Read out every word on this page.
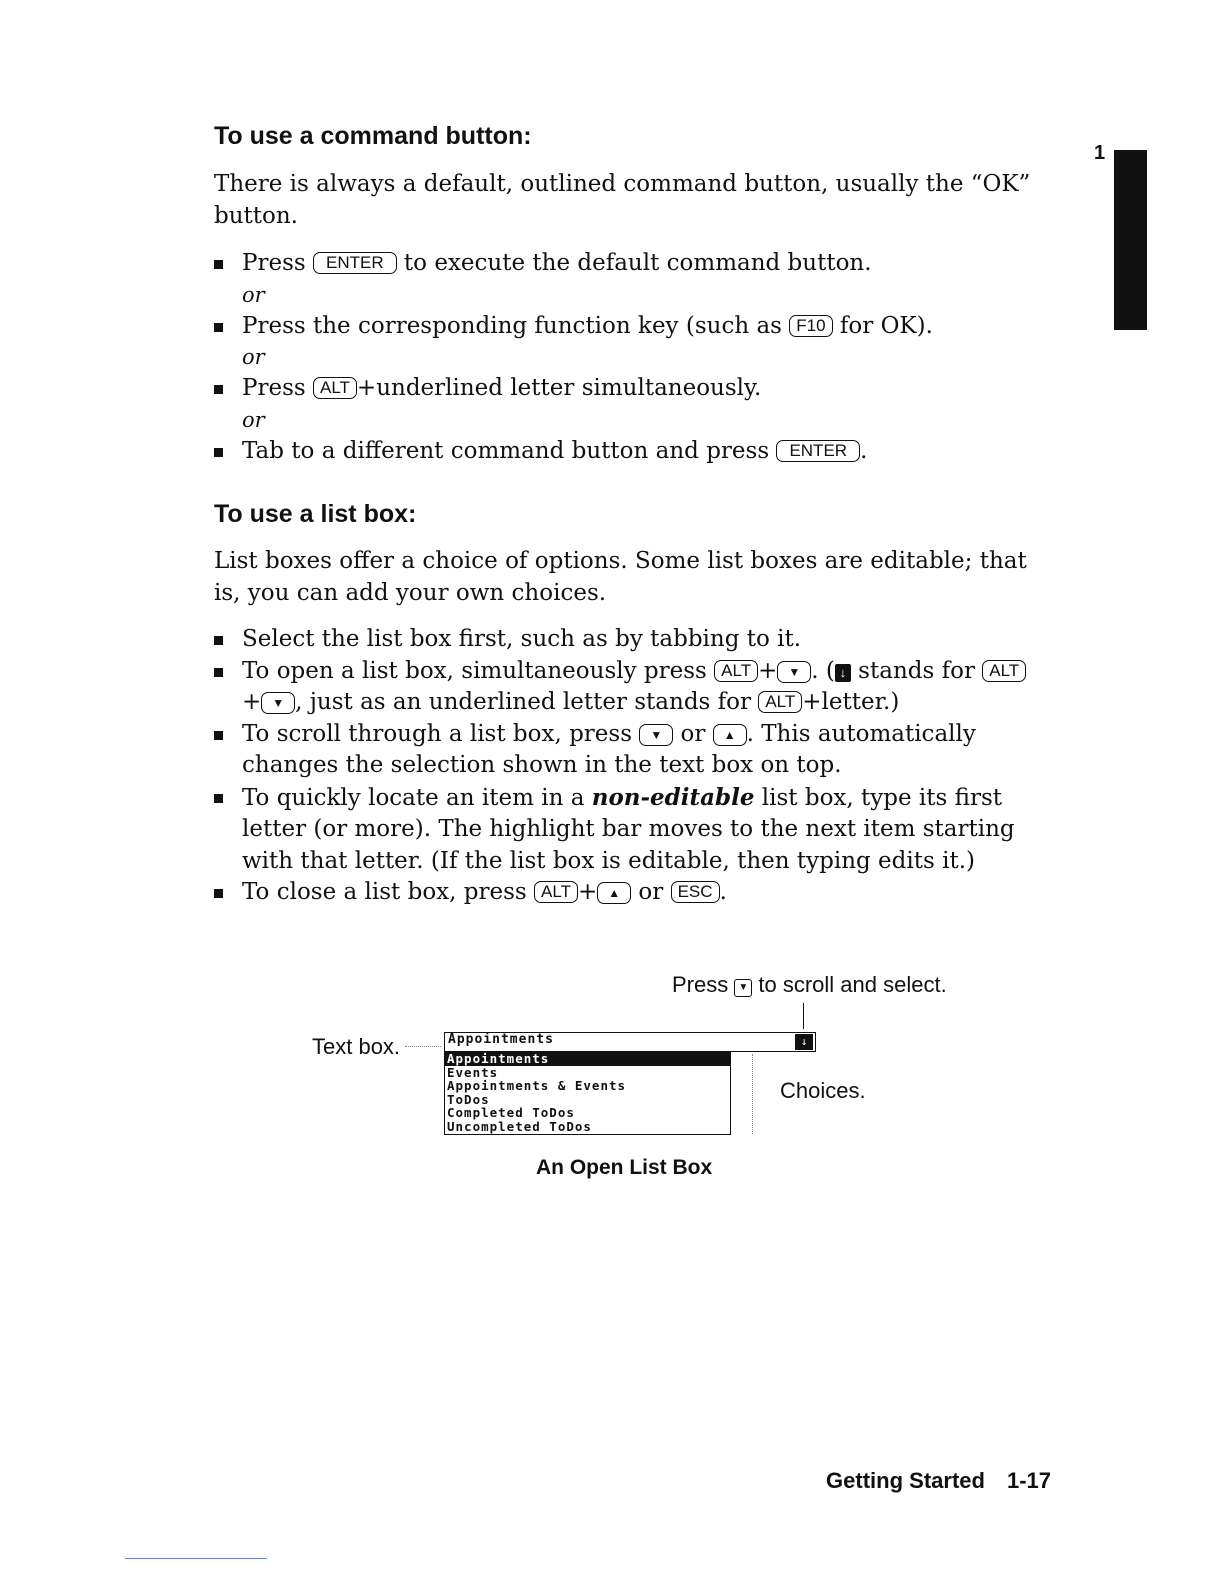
1
To use a command button:

There is always a default, outlined command button, usually the “OK” button.

Press ENTER to execute the default command button.
or
Press the corresponding function key (such as F10 for OK).
or
Press ALT +underlined letter simultaneously.
or
Tab to a different command button and press ENTER .
To use a list box:

List boxes offer a choice of options. Some list boxes are editable; that is, you can add your own choices.

Select the list box first, such as by tabbing to it.
To open a list box, simultaneously press ALT + ▼ . ( ↓ stands for ALT+ ▼ , just as an underlined letter stands for ALT +letter.)
To scroll through a list box, press ▼ or ▲ . This automatically changes the selection shown in the text box on top.
To quickly locate an item in a non-editable list box, type its first letter (or more). The highlight bar moves to the next item starting with that letter. (If the list box is editable, then typing edits it.)
To close a list box, press ALT + ▲ or ESC .
Press ▼ to scroll and select.
Text box.	Appointments	↓
Appointments
Events
Appointments & Events
ToDos
Completed ToDos
Uncompleted ToDos
Choices.
An Open List Box
Getting Started 1-17
